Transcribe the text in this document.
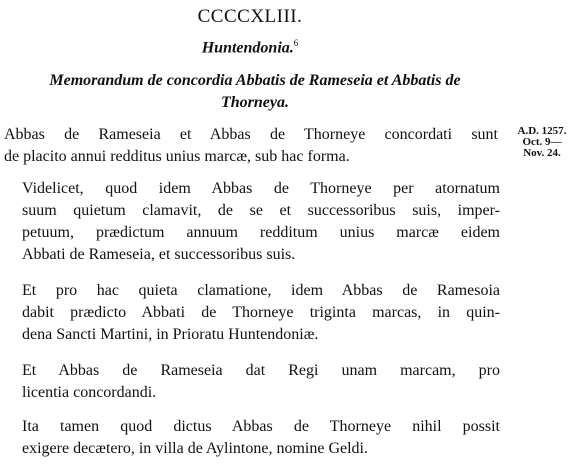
CCCCXLIII.
Huntendonia.$^6$
Memorandum de concordia Abbatis de Rameseia et Abbatis de
Thorneya.
A.D. 1257.
Oct. 9—
Nov. 24.
Abbas de Rameseia et Abbas de Thorneye concordati sunt
de placito annui redditus unius marcæ, sub hac forma.
Videlicet, quod idem Abbas de Thorneye per atornatum
suum quietum clamavit, de se et successoribus suis, imper-
petuum, prædictum annuum redditum unius marcæ eidem
Abbati de Rameseia, et successoribus suis.
Et pro hac quieta clamatione, idem Abbas de Ramesoia
dabit prædicto Abbati de Thorneye triginta marcas, in quin-
dena Sancti Martini, in Prioratu Huntendoniæ.
Et Abbas de Rameseia dat Regi unam marcam, pro
licentia concordandi.
Ita tamen quod dictus Abbas de Thorneye nihil possit
exigere decætero, in villa de Aylintone, nomine Geldi.
